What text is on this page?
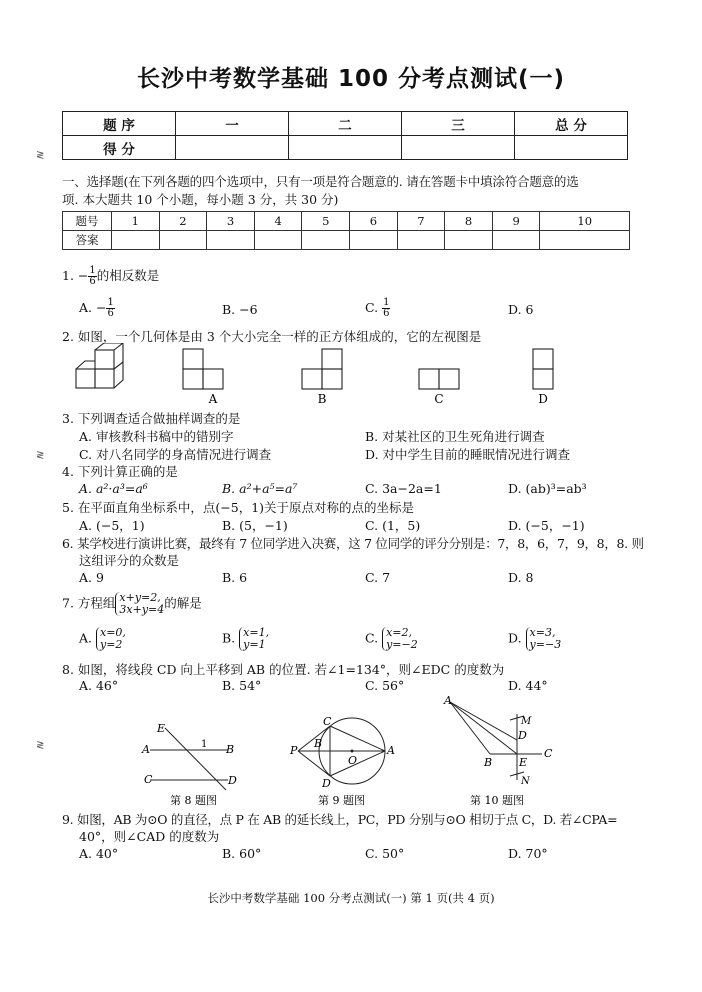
长沙中考数学基础 100 分考点测试(一)
≷
≷
≷
题 序	一	二	三	总 分
得 分				
一、选择题(在下列各题的四个选项中，只有一项是符合题意的. 请在答题卡中填涂符合题意的选
项. 本大题共 10 个小题，每小题 3 分，共 30 分)
题号	1	2	3	4	5	6	7	8	9	10
答案										
1. − $\frac{1}{6}$ 的相反数是
A. − $\frac{1}{6}$	B. −6	C. $\frac{1}{6}$	D. 6
2. 如图，一个几何体是由 3 个大小完全一样的正方体组成的，它的左视图是
A	B	C	D
3. 下列调查适合做抽样调查的是
A. 审核教科书稿中的错别字	B. 对某社区的卫生死角进行调查
C. 对八名同学的身高情况进行调查	D. 对中学生目前的睡眠情况进行调查
4. 下列计算正确的是
A. a²·a³=a⁶	B. a²+a⁵=a⁷	C. 3a−2a=1	D. (ab)³=ab³
5. 在平面直角坐标系中，点(−5，1)关于原点对称的点的坐标是
A. (−5，1)	B. (5，−1)	C. (1，5)	D. (−5，−1)
6. 某学校进行演讲比赛，最终有 7 位同学进入决赛，这 7 位同学的评分分别是：7，8，6，7，9，8，8. 则
这组评分的众数是
A. 9	B. 6	C. 7	D. 8
7. 方程组 x+y=2,
3x+y=4 的解是
A. x=0,
y=2	B. x=1,
y=1	C. x=2,
y=−2	D. x=3,
y=−3
8. 如图，将线段 CD 向上平移到 AB 的位置. 若∠1=134°，则∠EDC 的度数为
A. 46°	B. 54°	C. 56°	D. 44°
E
A	1 B
C	D
第 8 题图
C
P
B
O
A
D
第 9 题图
A
M
D
B E
C
N
第 10 题图
9. 如图，AB 为⊙O 的直径，点 P 在 AB 的延长线上，PC，PD 分别与⊙O 相切于点 C，D. 若∠CPA=
40°，则∠CAD 的度数为
A. 40°	B. 60°	C. 50°	D. 70°
长沙中考数学基础 100 分考点测试(一) 第 1 页(共 4 页)
